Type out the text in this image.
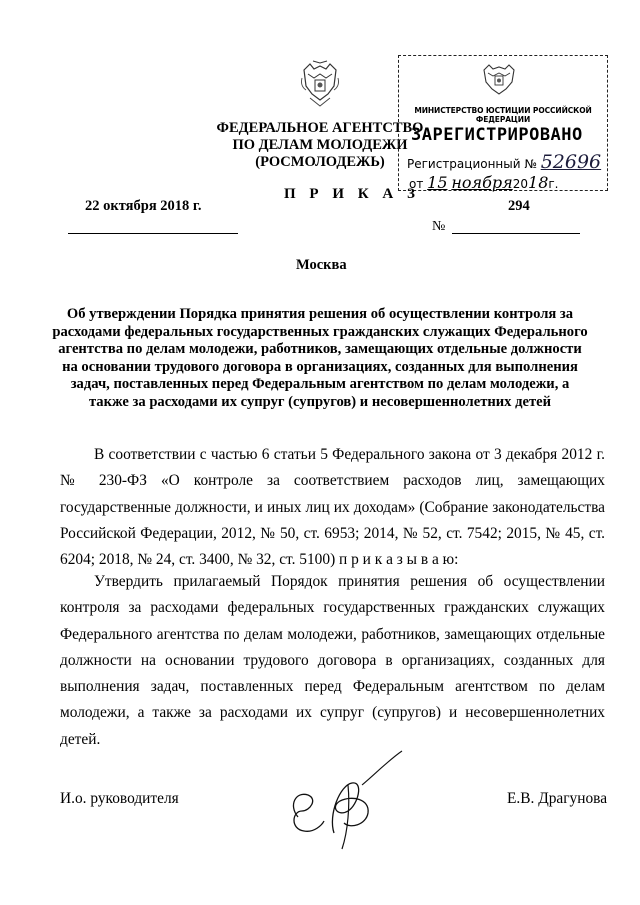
ФЕДЕРАЛЬНОЕ АГЕНТСТВО
ПО ДЕЛАМ МОЛОДЕЖИ
(РОСМОЛОДЕЖЬ)
МИНИСТЕРСТВО ЮСТИЦИИ РОССИЙСКОЙ ФЕДЕРАЦИИ
ЗАРЕГИСТРИРОВАНО
Регистрационный № 52696
от 15 ноября2018г.
П Р И К А З
22 октября 2018 г.	294
№
Москва
Об утверждении Порядка принятия решения об осуществлении контроля за расходами федеральных государственных гражданских служащих Федерального агентства по делам молодежи, работников, замещающих отдельные должности на основании трудового договора в организациях, созданных для выполнения задач, поставленных перед Федеральным агентством по делам молодежи, а также за расходами их супруг (супругов) и несовершеннолетних детей
В соответствии с частью 6 статьи 5 Федерального закона от 3 декабря 2012 г. № 230-ФЗ «О контроле за соответствием расходов лиц, замещающих государственные должности, и иных лиц их доходам» (Собрание законодательства Российской Федерации, 2012, № 50, ст. 6953; 2014, № 52, ст. 7542; 2015, № 45, ст. 6204; 2018, № 24, ст. 3400, № 32, ст. 5100) п р и к а з ы в а ю:
Утвердить прилагаемый Порядок принятия решения об осуществлении контроля за расходами федеральных государственных гражданских служащих Федерального агентства по делам молодежи, работников, замещающих отдельные должности на основании трудового договора в организациях, созданных для выполнения задач, поставленных перед Федеральным агентством по делам молодежи, а также за расходами их супруг (супругов) и несовершеннолетних детей.
И.о. руководителя	Е.В. Драгунова
